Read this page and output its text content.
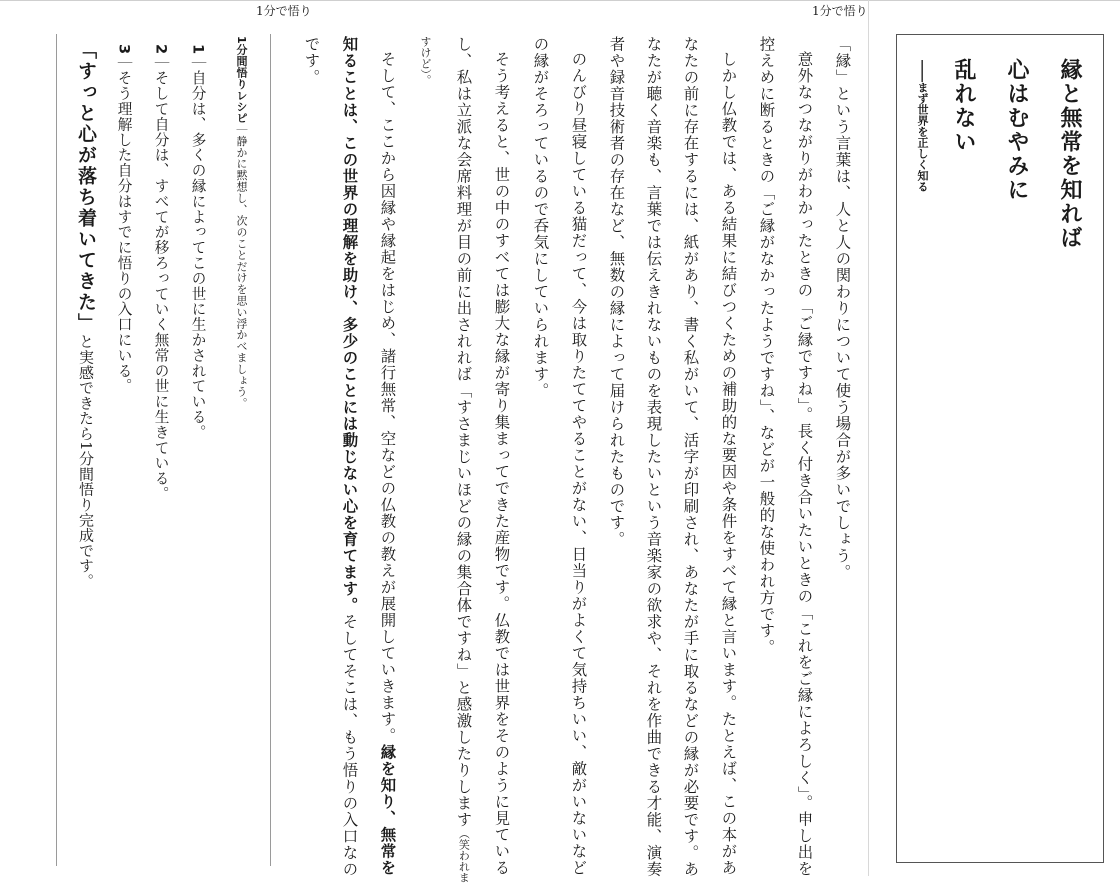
1分で悟り	1分で悟り
縁と無常を知れば
心はむやみに
乱れない
――まず世界を正しく知る
「縁」という言葉は、人と人の関わりについて使う場合が多いでしょう。
意外なつながりがわかったときの「ご縁ですね」。長く付き合いたいときの「これをご縁によろしく」。申し出を
控えめに断るときの「ご縁がなかったようですね」、などが一般的な使われ方です。
しかし仏教では、ある結果に結びつくための補助的な要因や条件をすべて縁と言います。たとえば、この本があ
なたの前に存在するには、紙があり、書く私がいて、活字が印刷され、あなたが手に取るなどの縁が必要です。あ
なたが聴く音楽も、言葉では伝えきれないものを表現したいという音楽家の欲求や、それを作曲できる才能、演奏
者や録音技術者の存在など、無数の縁によって届けられたものです。
のんびり昼寝している猫だって、今は取りたててやることがない、日当りがよくて気持ちいい、敵がいないなど
の縁がそろっているので呑気にしていられます。
そう考えると、世の中のすべては膨大な縁が寄り集まってできた産物です。仏教では世界をそのように見ている
し、私は立派な会席料理が目の前に出されれば「すさまじいほどの縁の集合体ですね」と感激したりします（笑われま
すけど）。
そして、ここから因縁や縁起をはじめ、諸行無常、空などの仏教の教えが展開していきます。縁を知り、無常を
知ることは、この世界の理解を助け、多少のことには動じない心を育てます。そしてそこは、もう悟りの入口なの
です。
1分間悟りレシピ｜静かに黙想し、次のことだけを思い浮かべましょう。
1｜自分は、多くの縁によってこの世に生かされている。
2｜そして自分は、すべてが移ろっていく無常の世に生きている。
3｜そう理解した自分はすでに悟りの入口にいる。
「すっと心が落ち着いてきた」と実感できたら1分間悟り完成です。
